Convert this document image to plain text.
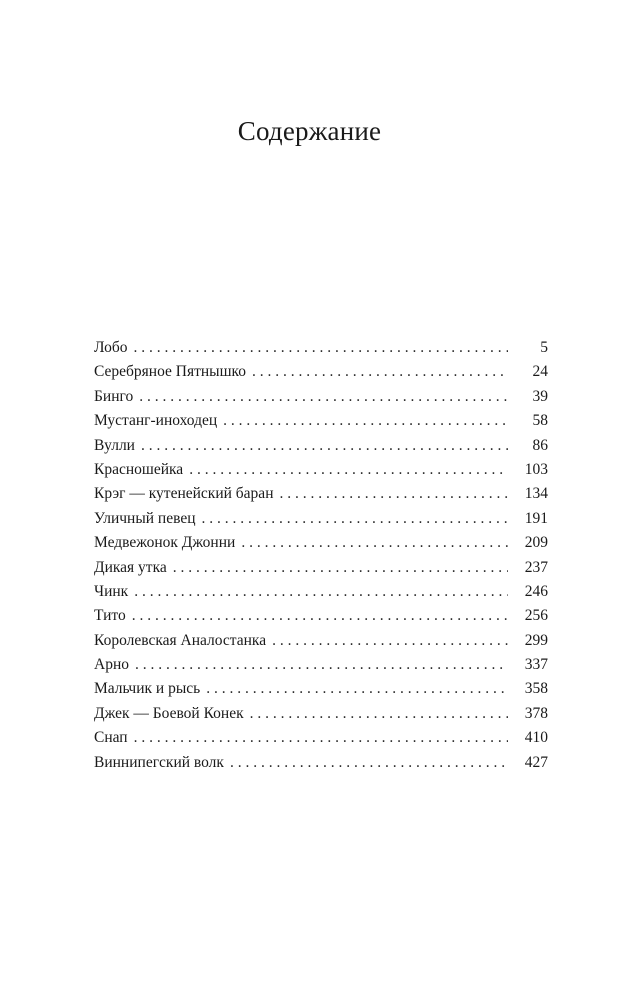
Содержание
Лобо . . .	5
Серебряное Пятнышко . . .	24
Бинго . . .	39
Мустанг-иноходец . . .	58
Вулли . . .	86
Красношейка . . .	103
Крэг — кутенейский баран . . .	134
Уличный певец . . .	191
Медвежонок Джонни . . .	209
Дикая утка . . .	237
Чинк . . .	246
Тито . . .	256
Королевская Аналостанка . . .	299
Арно . . .	337
Мальчик и рысь . . .	358
Джек — Боевой Конек . . .	378
Снап . . .	410
Виннипегский волк . . .	427
